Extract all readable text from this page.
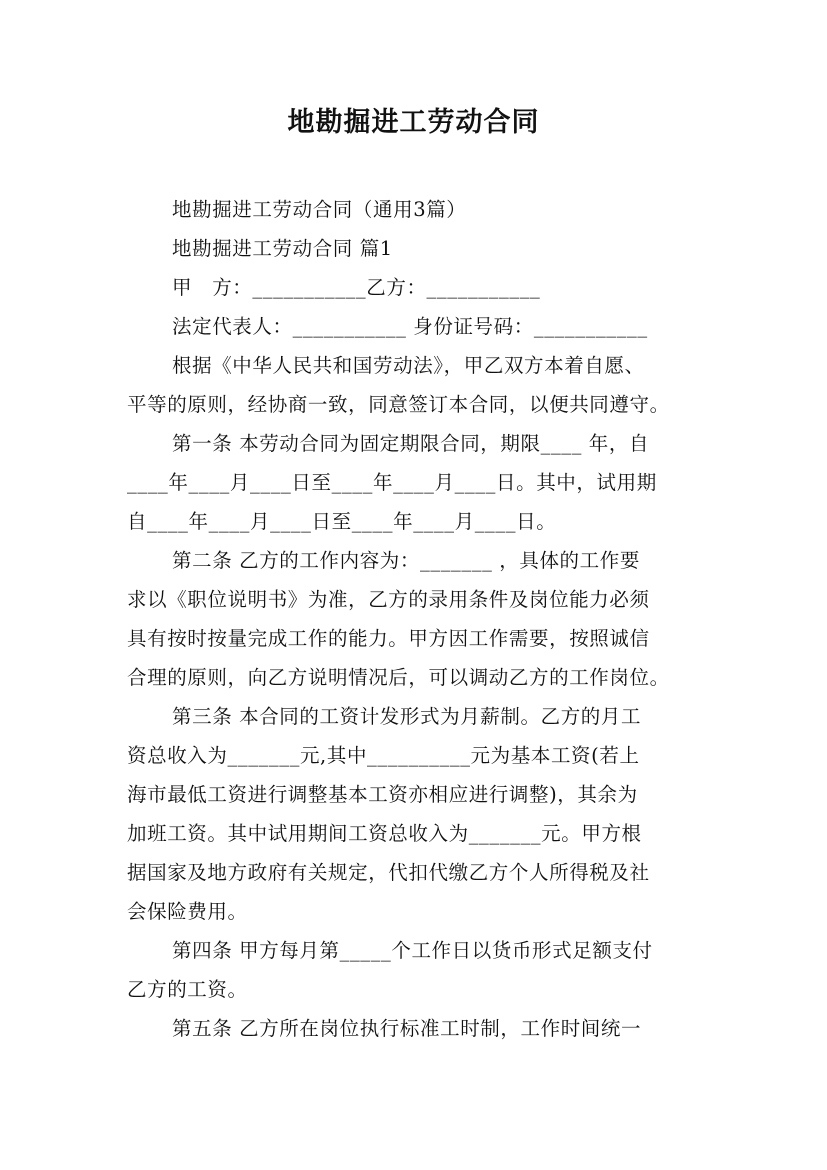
地勘掘进工劳动合同
地勘掘进工劳动合同（通用3篇）
地勘掘进工劳动合同 篇1
甲　方：___________乙方：___________
法定代表人：___________ 身份证号码：___________
根据《中华人民共和国劳动法》，甲乙双方本着自愿、
平等的原则，经协商一致，同意签订本合同，以便共同遵守。
第一条 本劳动合同为固定期限合同，期限____ 年，自
____年____月____日至____年____月____日。其中，试用期
自____年____月____日至____年____月____日。
第二条 乙方的工作内容为：_______ ，具体的工作要
求以《职位说明书》为准，乙方的录用条件及岗位能力必须
具有按时按量完成工作的能力。甲方因工作需要，按照诚信
合理的原则，向乙方说明情况后，可以调动乙方的工作岗位。
第三条 本合同的工资计发形式为月薪制。乙方的月工
资总收入为_______元,其中__________元为基本工资(若上
海市最低工资进行调整基本工资亦相应进行调整)，其余为
加班工资。其中试用期间工资总收入为_______元。甲方根
据国家及地方政府有关规定，代扣代缴乙方个人所得税及社
会保险费用。
第四条 甲方每月第_____个工作日以货币形式足额支付
乙方的工资。
第五条 乙方所在岗位执行标准工时制，工作时间统一
